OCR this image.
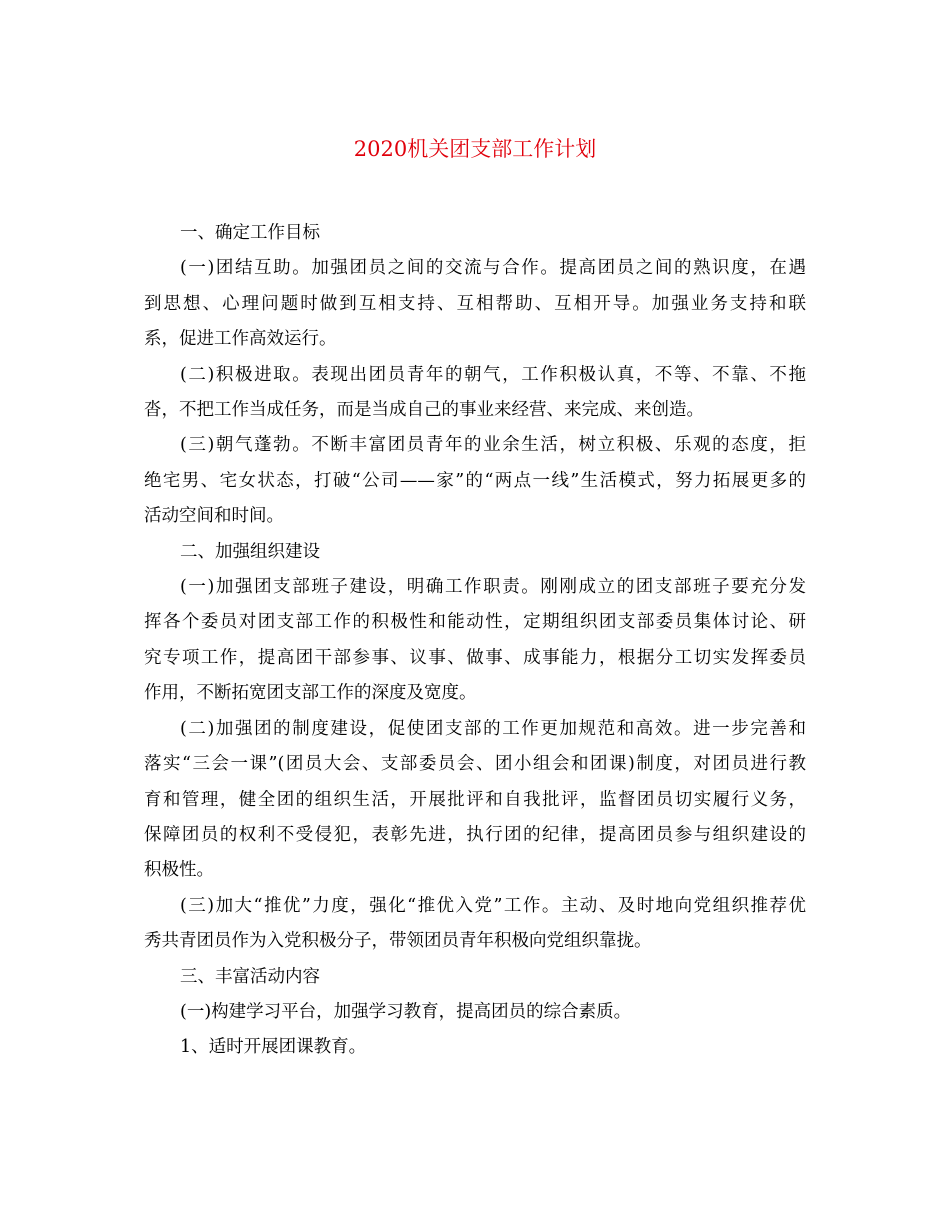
2020机关团支部工作计划
一、确定工作目标
(一)团结互助。加强团员之间的交流与合作。提高团员之间的熟识度，在遇
到思想、心理问题时做到互相支持、互相帮助、互相开导。加强业务支持和联
系，促进工作高效运行。
(二)积极进取。表现出团员青年的朝气，工作积极认真，不等、不靠、不拖
沓，不把工作当成任务，而是当成自己的事业来经营、来完成、来创造。
(三)朝气蓬勃。不断丰富团员青年的业余生活，树立积极、乐观的态度，拒
绝宅男、宅女状态，打破“公司——家”的“两点一线”生活模式，努力拓展更多的
活动空间和时间。
二、加强组织建设
(一)加强团支部班子建设，明确工作职责。刚刚成立的团支部班子要充分发
挥各个委员对团支部工作的积极性和能动性，定期组织团支部委员集体讨论、研
究专项工作，提高团干部参事、议事、做事、成事能力，根据分工切实发挥委员
作用，不断拓宽团支部工作的深度及宽度。
(二)加强团的制度建设，促使团支部的工作更加规范和高效。进一步完善和
落实“三会一课”(团员大会、支部委员会、团小组会和团课)制度，对团员进行教
育和管理，健全团的组织生活，开展批评和自我批评，监督团员切实履行义务，
保障团员的权利不受侵犯，表彰先进，执行团的纪律，提高团员参与组织建设的
积极性。
(三)加大“推优”力度，强化“推优入党”工作。主动、及时地向党组织推荐优
秀共青团员作为入党积极分子，带领团员青年积极向党组织靠拢。
三、丰富活动内容
(一)构建学习平台，加强学习教育，提高团员的综合素质。
1、适时开展团课教育。
